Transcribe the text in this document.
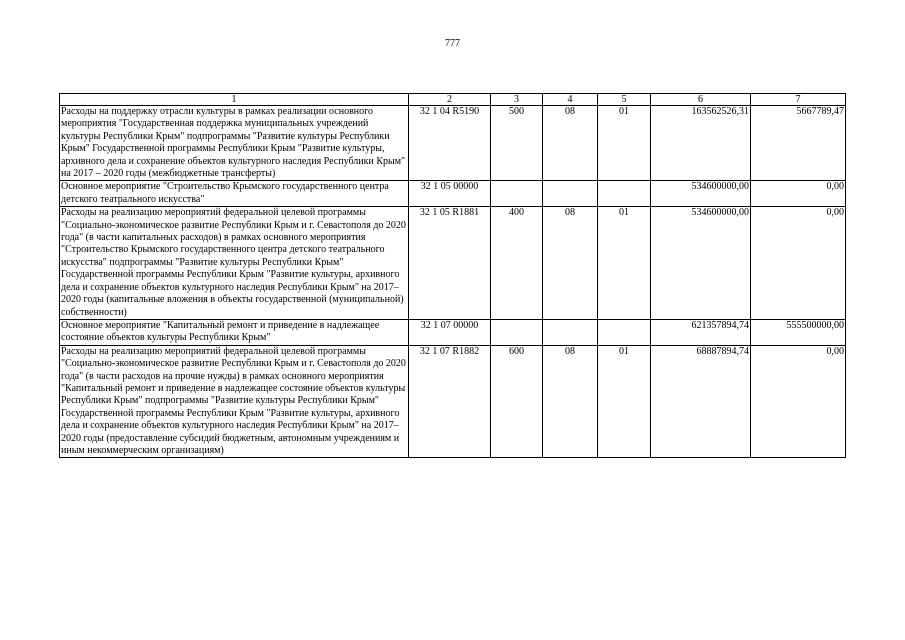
777
1	2	3	4	5	6	7
Расходы на поддержку отрасли культуры в рамках реализации основного мероприятия "Государственная поддержка муниципальных учреждений культуры Республики Крым" подпрограммы "Развитие культуры Республики Крым" Государственной программы Республики Крым "Развитие культуры, архивного дела и сохранение объектов культурного наследия Республики Крым" на 2017 – 2020 годы (межбюджетные трансферты)	32 1 04 R5190	500	08	01	163562526,31	5667789,47
Основное мероприятие "Строительство Крымского государственного центра детского театрального искусства"	32 1 05 00000				534600000,00	0,00
Расходы на реализацию мероприятий федеральной целевой программы "Социально-экономическое развитие Республики Крым и г. Севастополя до 2020 года" (в части капитальных расходов) в рамках основного мероприятия "Строительство Крымского государственного центра детского театрального искусства" подпрограммы "Развитие культуры Республики Крым" Государственной программы Республики Крым "Развитие культуры, архивного дела и сохранение объектов культурного наследия Республики Крым" на 2017–2020 годы (капитальные вложения в объекты государственной (муниципальной) собственности)	32 1 05 R1881	400	08	01	534600000,00	0,00
Основное мероприятие "Капитальный ремонт и приведение в надлежащее состояние объектов культуры Республики Крым"	32 1 07 00000				621357894,74	555500000,00
Расходы на реализацию мероприятий федеральной целевой программы "Социально-экономическое развитие Республики Крым и г. Севастополя до 2020 года" (в части расходов на прочие нужды) в рамках основного мероприятия "Капитальный ремонт и приведение в надлежащее состояние объектов культуры Республики Крым" подпрограммы "Развитие культуры Республики Крым" Государственной программы Республики Крым "Развитие культуры, архивного дела и сохранение объектов культурного наследия Республики Крым" на 2017–2020 годы (предоставление субсидий бюджетным, автономным учреждениям и иным некоммерческим организациям)	32 1 07 R1882	600	08	01	68887894,74	0,00
